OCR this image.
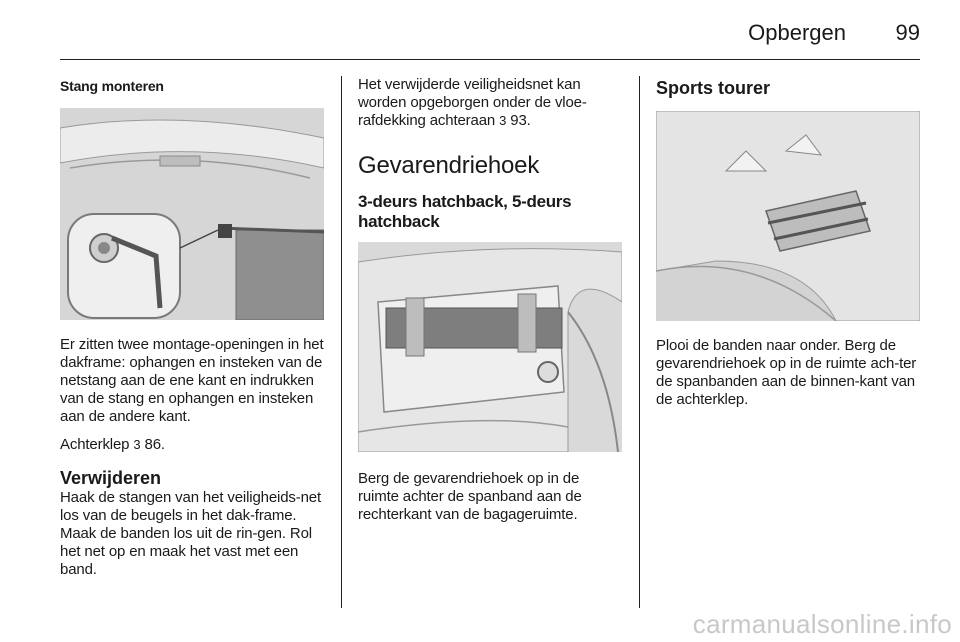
Opbergen 99
Stang monteren

Er zitten twee montage-openingen in het dakframe: ophangen en insteken van de netstang aan de ene kant en indrukken van de stang en ophangen en insteken aan de andere kant.

Achterklep 3 86.

Verwijderen

Haak de stangen van het veiligheids-net los van de beugels in het dak-frame. Maak de banden los uit de rin-gen. Rol het net op en maak het vast met een band.

Het verwijderde veiligheidsnet kan worden opgeborgen onder de vloe-rafdekking achteraan 3 93.

Gevarendriehoek
3-deurs hatchback, 5-deurs hatchback

Berg de gevarendriehoek op in de ruimte achter de spanband aan de rechterkant van de bagageruimte.

Sports tourer

Plooi de banden naar onder. Berg de gevarendriehoek op in de ruimte ach-ter de spanbanden aan de binnen-kant van de achterklep.

carmanualsonline.info
